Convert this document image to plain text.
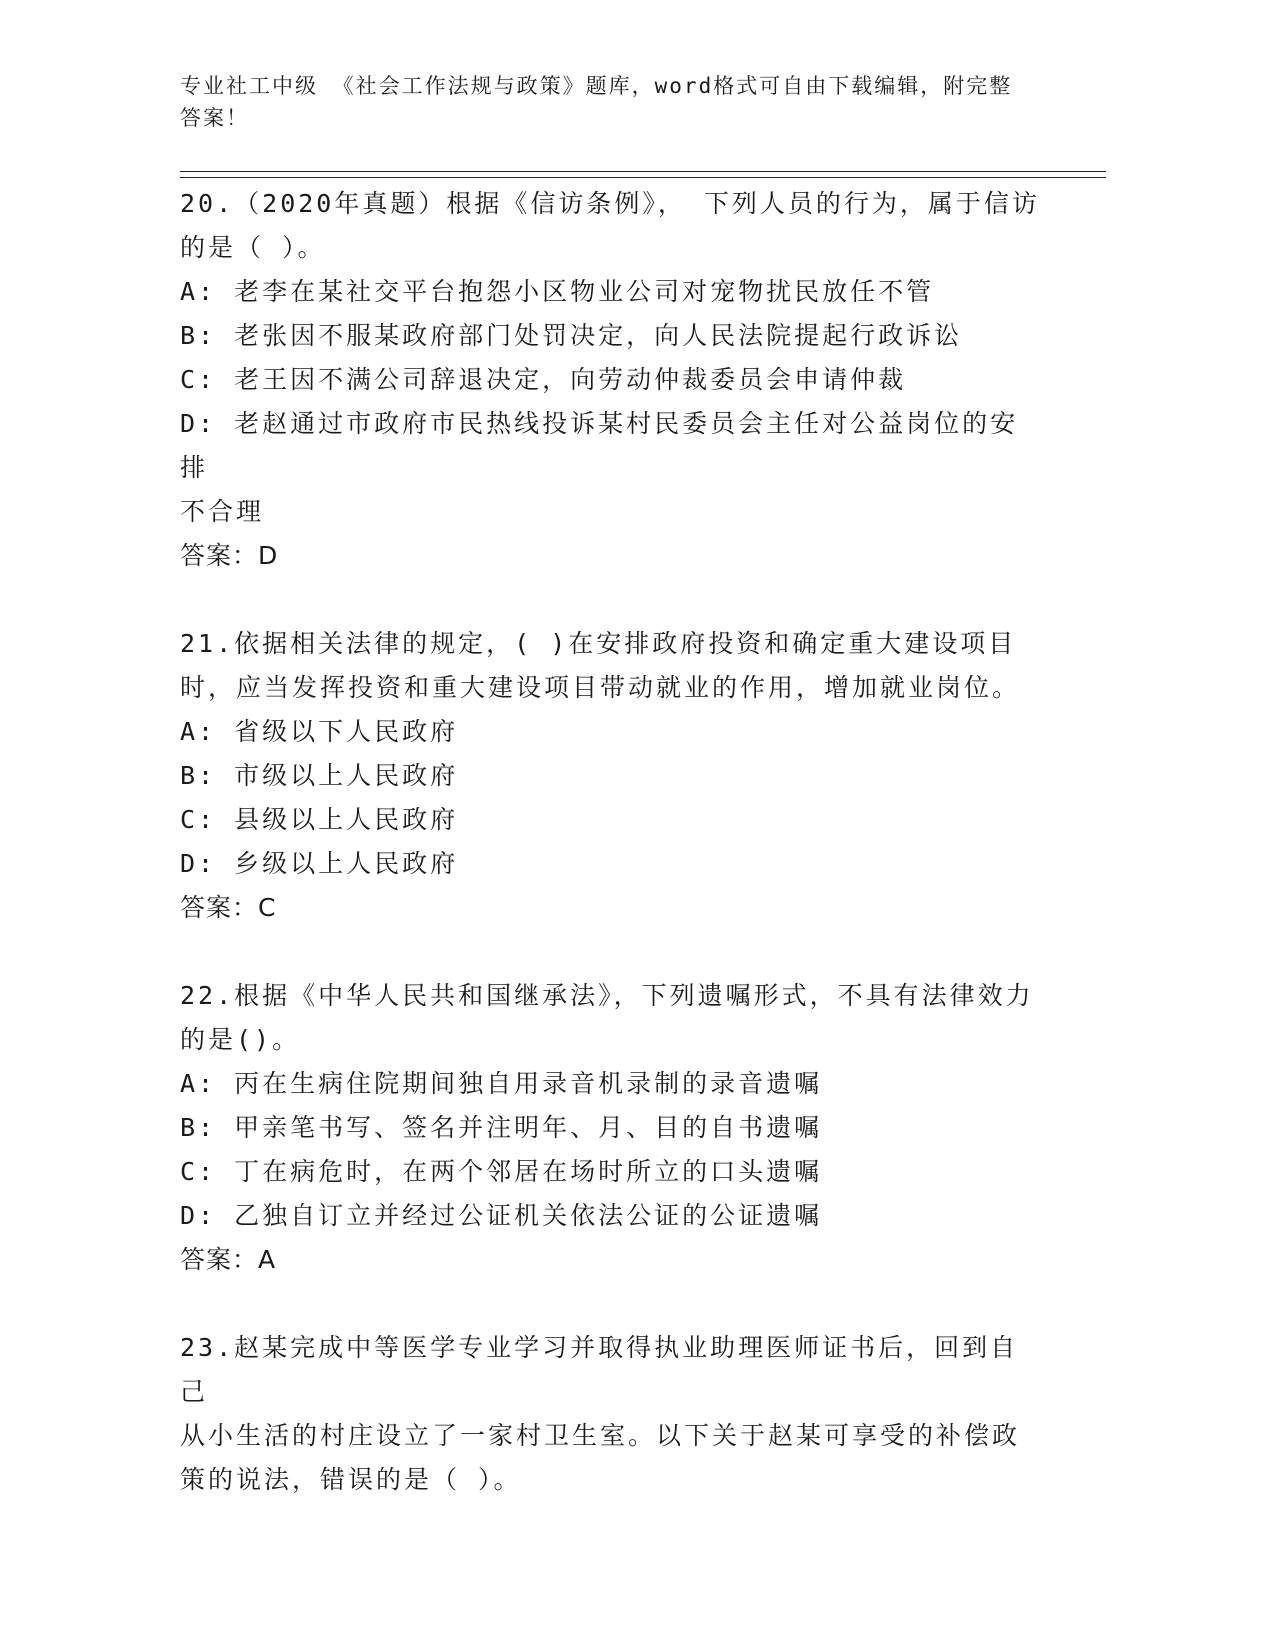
专业社工中级 《社会工作法规与政策》题库，word格式可自由下载编辑，附完整
答案！
20.（2020年真题）根据《信访条例》， 下列人员的行为，属于信访
的是（ ）。
A: 老李在某社交平台抱怨小区物业公司对宠物扰民放任不管
B: 老张因不服某政府部门处罚决定，向人民法院提起行政诉讼
C: 老王因不满公司辞退决定，向劳动仲裁委员会申请仲裁
D: 老赵通过市政府市民热线投诉某村民委员会主任对公益岗位的安排
不合理
答案：D
21.依据相关法律的规定，( )在安排政府投资和确定重大建设项目
时，应当发挥投资和重大建设项目带动就业的作用，增加就业岗位。
A: 省级以下人民政府
B: 市级以上人民政府
C: 县级以上人民政府
D: 乡级以上人民政府
答案：C
22.根据《中华人民共和国继承法》，下列遗嘱形式，不具有法律效力
的是()。
A: 丙在生病住院期间独自用录音机录制的录音遗嘱
B: 甲亲笔书写、签名并注明年、月、目的自书遗嘱
C: 丁在病危时，在两个邻居在场时所立的口头遗嘱
D: 乙独自订立并经过公证机关依法公证的公证遗嘱
答案：A
23.赵某完成中等医学专业学习并取得执业助理医师证书后，回到自己
从小生活的村庄设立了一家村卫生室。以下关于赵某可享受的补偿政
策的说法，错误的是（ ）。
